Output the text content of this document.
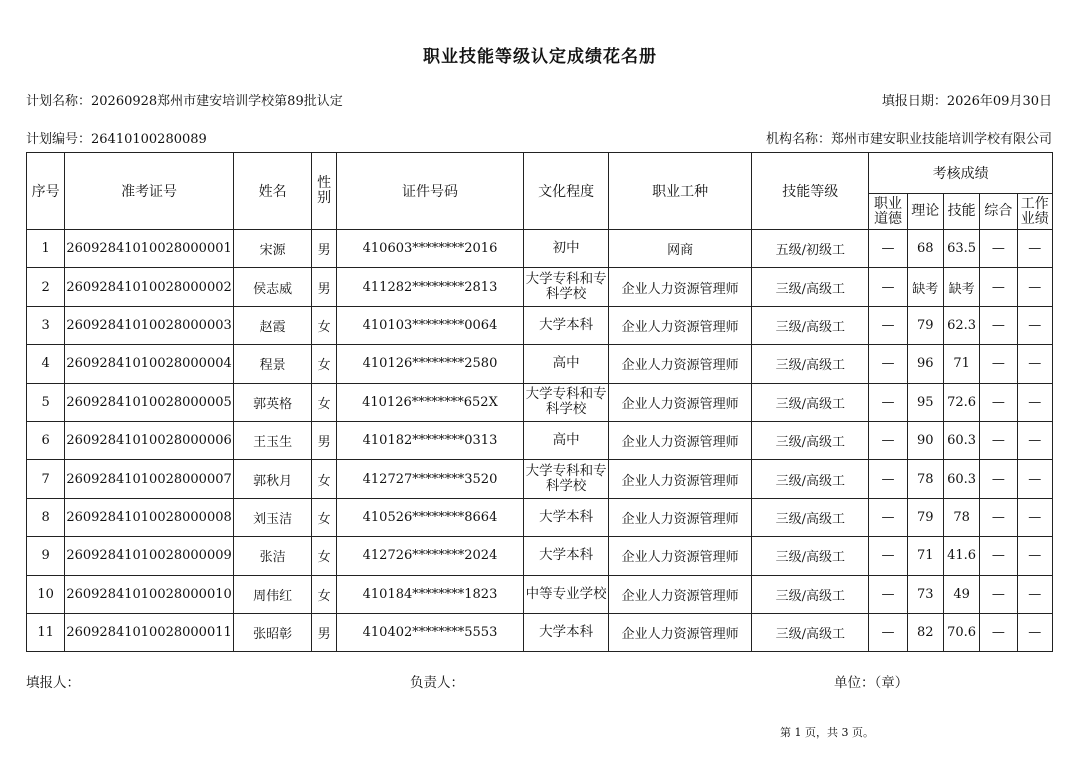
职业技能等级认定成绩花名册
计划名称：20260928郑州市建安培训学校第89批认定	填报日期：2026年09月30日
计划编号：26410100280089	机构名称：郑州市建安职业技能培训学校有限公司
序号	准考证号	姓名	性别	证件号码	文化程度	职业工种	技能等级	考核成绩				
								职业道德	理论	技能	综合	工作业绩
1	26092841010028000001	宋源	男	410603********2016	初中	网商	五级/初级工	—	68	63.5	—	—
2	26092841010028000002	侯志威	男	411282********2813	大学专科和专科学校	企业人力资源管理师	三级/高级工	—	缺考	缺考	—	—
3	26092841010028000003	赵霞	女	410103********0064	大学本科	企业人力资源管理师	三级/高级工	—	79	62.3	—	—
4	26092841010028000004	程景	女	410126********2580	高中	企业人力资源管理师	三级/高级工	—	96	71	—	—
5	26092841010028000005	郭英格	女	410126********652X	大学专科和专科学校	企业人力资源管理师	三级/高级工	—	95	72.6	—	—
6	26092841010028000006	王玉生	男	410182********0313	高中	企业人力资源管理师	三级/高级工	—	90	60.3	—	—
7	26092841010028000007	郭秋月	女	412727********3520	大学专科和专科学校	企业人力资源管理师	三级/高级工	—	78	60.3	—	—
8	26092841010028000008	刘玉洁	女	410526********8664	大学本科	企业人力资源管理师	三级/高级工	—	79	78	—	—
9	26092841010028000009	张洁	女	412726********2024	大学本科	企业人力资源管理师	三级/高级工	—	71	41.6	—	—
10	26092841010028000010	周伟红	女	410184********1823	中等专业学校	企业人力资源管理师	三级/高级工	—	73	49	—	—
11	26092841010028000011	张昭彰	男	410402********5553	大学本科	企业人力资源管理师	三级/高级工	—	82	70.6	—	—
填报人：	负责人：	单位：（章）
第 1 页，共 3 页。
